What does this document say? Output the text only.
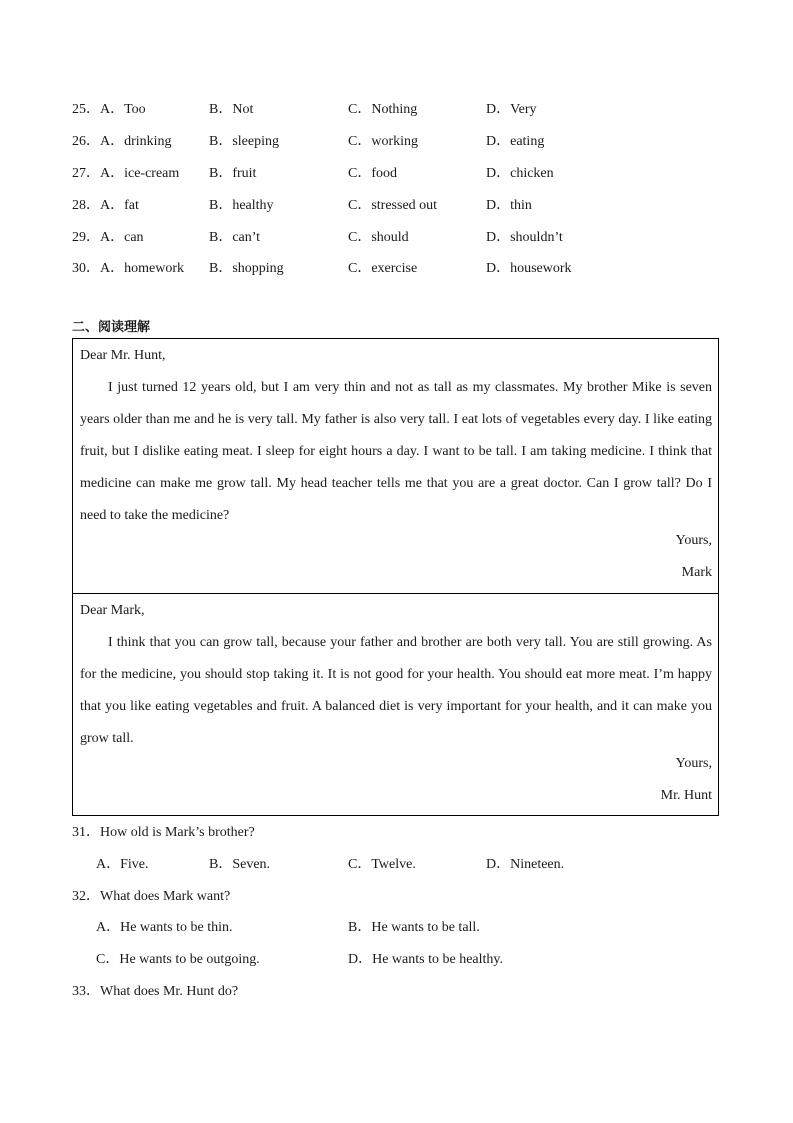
25． A．Too	B．Not	C．Nothing	D．Very
26． A．drinking	B．sleeping	C．working	D．eating
27． A．ice-cream B．fruit	C．food	D．chicken
28． A．fat	B．healthy	C．stressed out	D．thin
29． A．can	B．can’t	C．should	D．shouldn’t
30． A．homework B．shopping	C．exercise	D．housework
二、阅读理解
Dear Mr. Hunt,
I just turned 12 years old, but I am very thin and not as tall as my classmates. My brother Mike is seven years older than me and he is very tall. My father is also very tall. I eat lots of vegetables every day. I like eating fruit, but I dislike eating meat. I sleep for eight hours a day. I want to be tall. I am taking medicine. I think that medicine can make me grow tall. My head teacher tells me that you are a great doctor. Can I grow tall? Do I need to take the medicine?
Yours,
Mark
Dear Mark,
I think that you can grow tall, because your father and brother are both very tall. You are still growing. As for the medicine, you should stop taking it. It is not good for your health. You should eat more meat. I’m happy that you like eating vegetables and fruit. A balanced diet is very important for your health, and it can make you grow tall.
Yours,
Mr. Hunt
31．How old is Mark’s brother?
A．Five.	B．Seven.	C．Twelve.	D．Nineteen.
32．What does Mark want?
A．He wants to be thin.	B．He wants to be tall.
C．He wants to be outgoing.	D．He wants to be healthy.
33．What does Mr. Hunt do?
